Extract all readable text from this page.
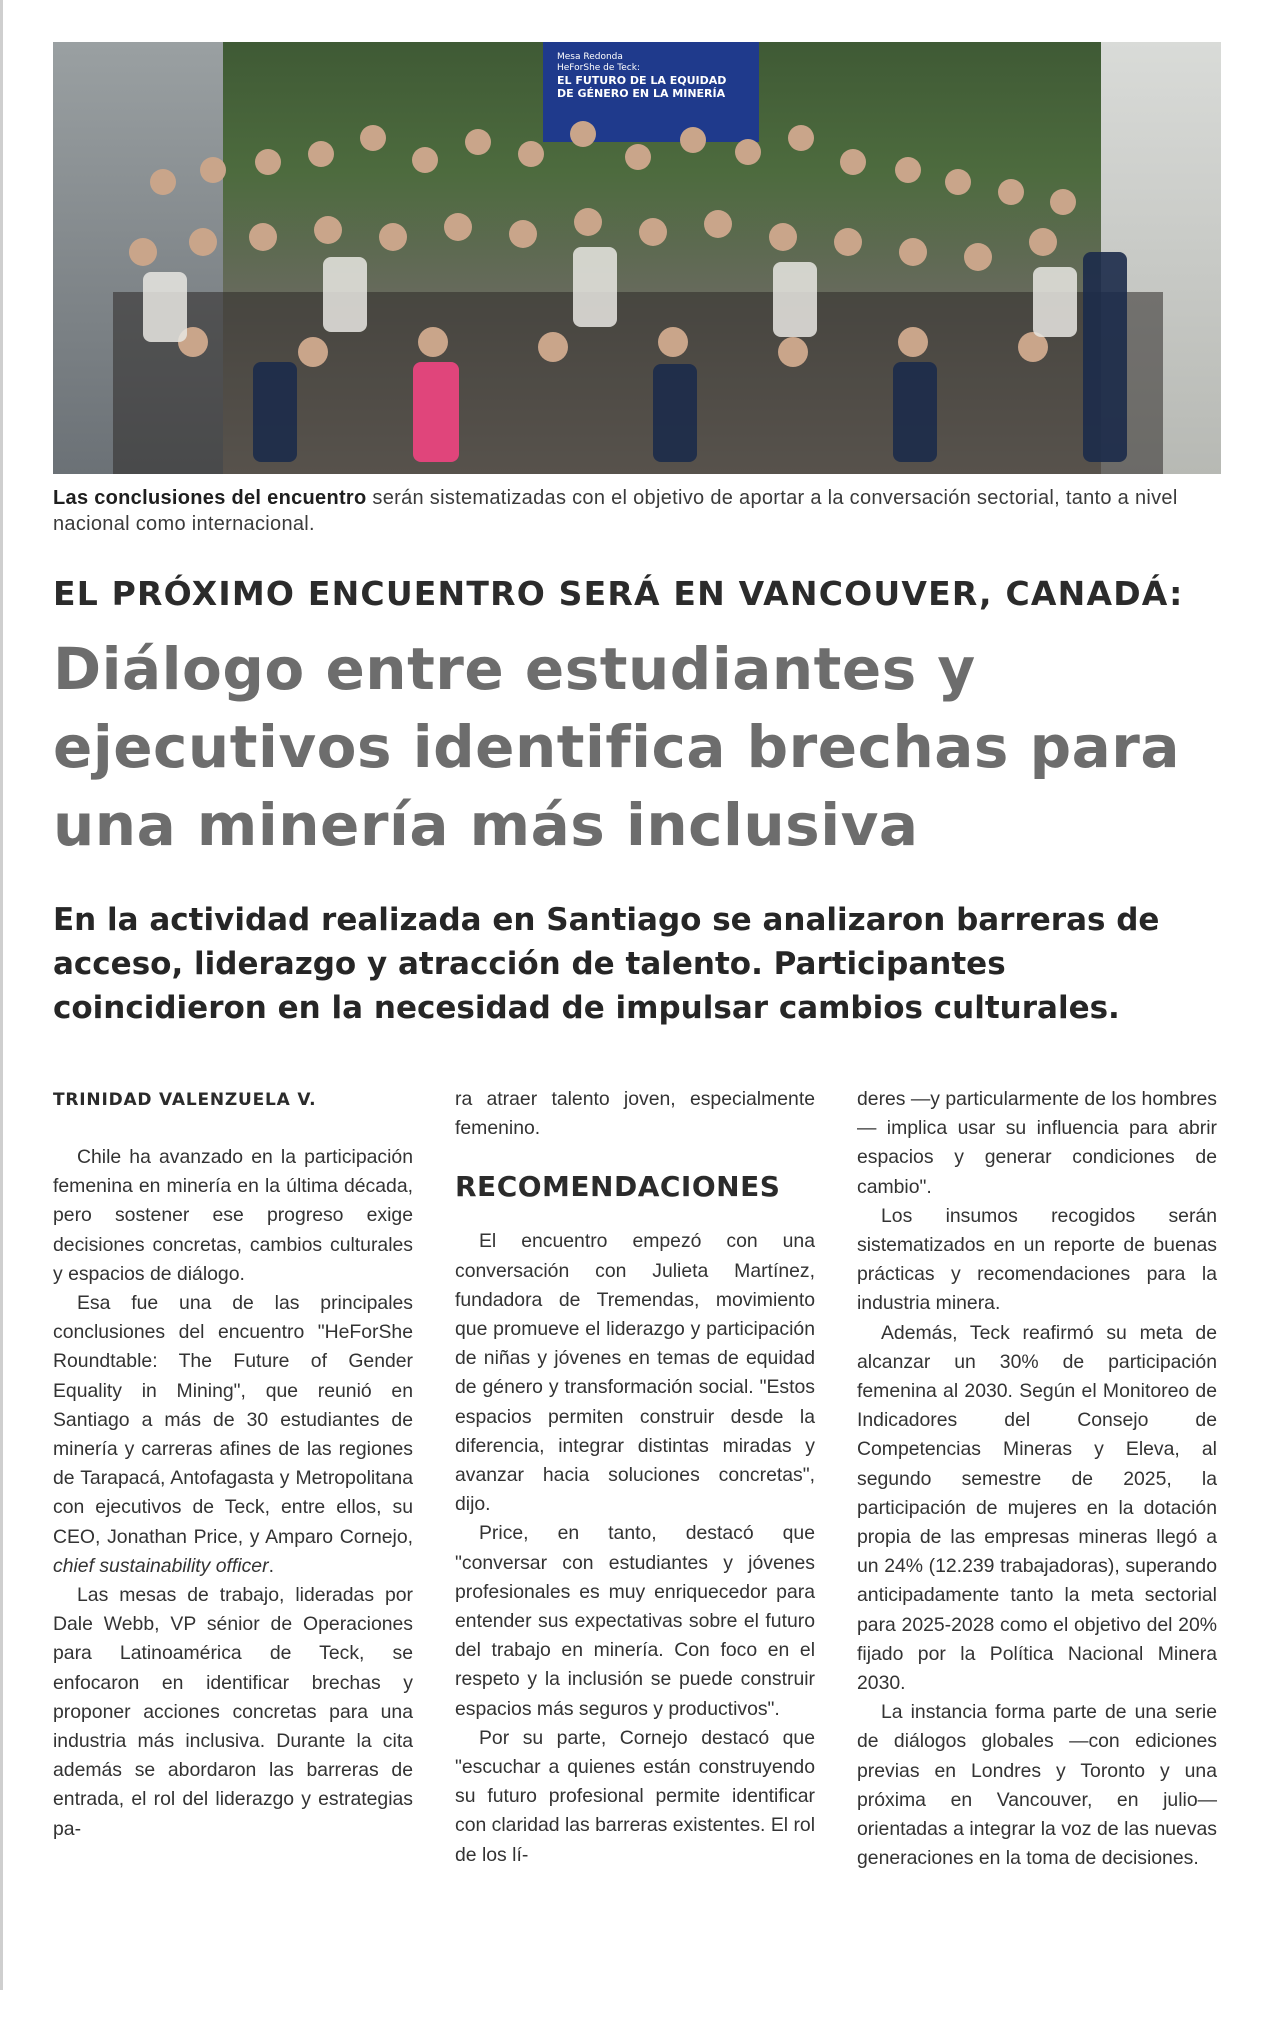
Mesa Redonda
HeForShe de Teck:
EL FUTURO DE LA EQUIDAD DE GÉNERO EN LA MINERÍA
Las conclusiones del encuentro serán sistematizadas con el objetivo de aportar a la conversación sectorial, tanto a nivel nacional como internacional.
EL PRÓXIMO ENCUENTRO SERÁ EN VANCOUVER, CANADÁ:
Diálogo entre estudiantes y ejecutivos identifica brechas para una minería más inclusiva
En la actividad realizada en Santiago se analizaron barreras de acceso, liderazgo y atracción de talento. Participantes coincidieron en la necesidad de impulsar cambios culturales.
TRINIDAD VALENZUELA V.

Chile ha avanzado en la participación femenina en minería en la última década, pero sostener ese progreso exige decisiones concretas, cambios culturales y espacios de diálogo.

Esa fue una de las principales conclusiones del encuentro "HeForShe Roundtable: The Future of Gender Equality in Mining", que reunió en Santiago a más de 30 estudiantes de minería y carreras afines de las regiones de Tarapacá, Antofagasta y Metropolitana con ejecutivos de Teck, entre ellos, su CEO, Jonathan Price, y Amparo Cornejo, chief sustainability officer.

Las mesas de trabajo, lideradas por Dale Webb, VP sénior de Operaciones para Latinoamérica de Teck, se enfocaron en identificar brechas y proponer acciones concretas para una industria más inclusiva. Durante la cita además se abordaron las barreras de entrada, el rol del liderazgo y estrategias pa-

ra atraer talento joven, especialmente femenino.

RECOMENDACIONES

El encuentro empezó con una conversación con Julieta Martínez, fundadora de Tremendas, movimiento que promueve el liderazgo y participación de niñas y jóvenes en temas de equidad de género y transformación social. "Estos espacios permiten construir desde la diferencia, integrar distintas miradas y avanzar hacia soluciones concretas", dijo.

Price, en tanto, destacó que "conversar con estudiantes y jóvenes profesionales es muy enriquecedor para entender sus expectativas sobre el futuro del trabajo en minería. Con foco en el respeto y la inclusión se puede construir espacios más seguros y productivos".

Por su parte, Cornejo destacó que "escuchar a quienes están construyendo su futuro profesional permite identificar con claridad las barreras existentes. El rol de los lí-

deres —y particularmente de los hombres— implica usar su influencia para abrir espacios y generar condiciones de cambio".

Los insumos recogidos serán sistematizados en un reporte de buenas prácticas y recomendaciones para la industria minera.

Además, Teck reafirmó su meta de alcanzar un 30% de participación femenina al 2030. Según el Monitoreo de Indicadores del Consejo de Competencias Mineras y Eleva, al segundo semestre de 2025, la participación de mujeres en la dotación propia de las empresas mineras llegó a un 24% (12.239 trabajadoras), superando anticipadamente tanto la meta sectorial para 2025-2028 como el objetivo del 20% fijado por la Política Nacional Minera 2030.

La instancia forma parte de una serie de diálogos globales —con ediciones previas en Londres y Toronto y una próxima en Vancouver, en julio— orientadas a integrar la voz de las nuevas generaciones en la toma de decisiones.
